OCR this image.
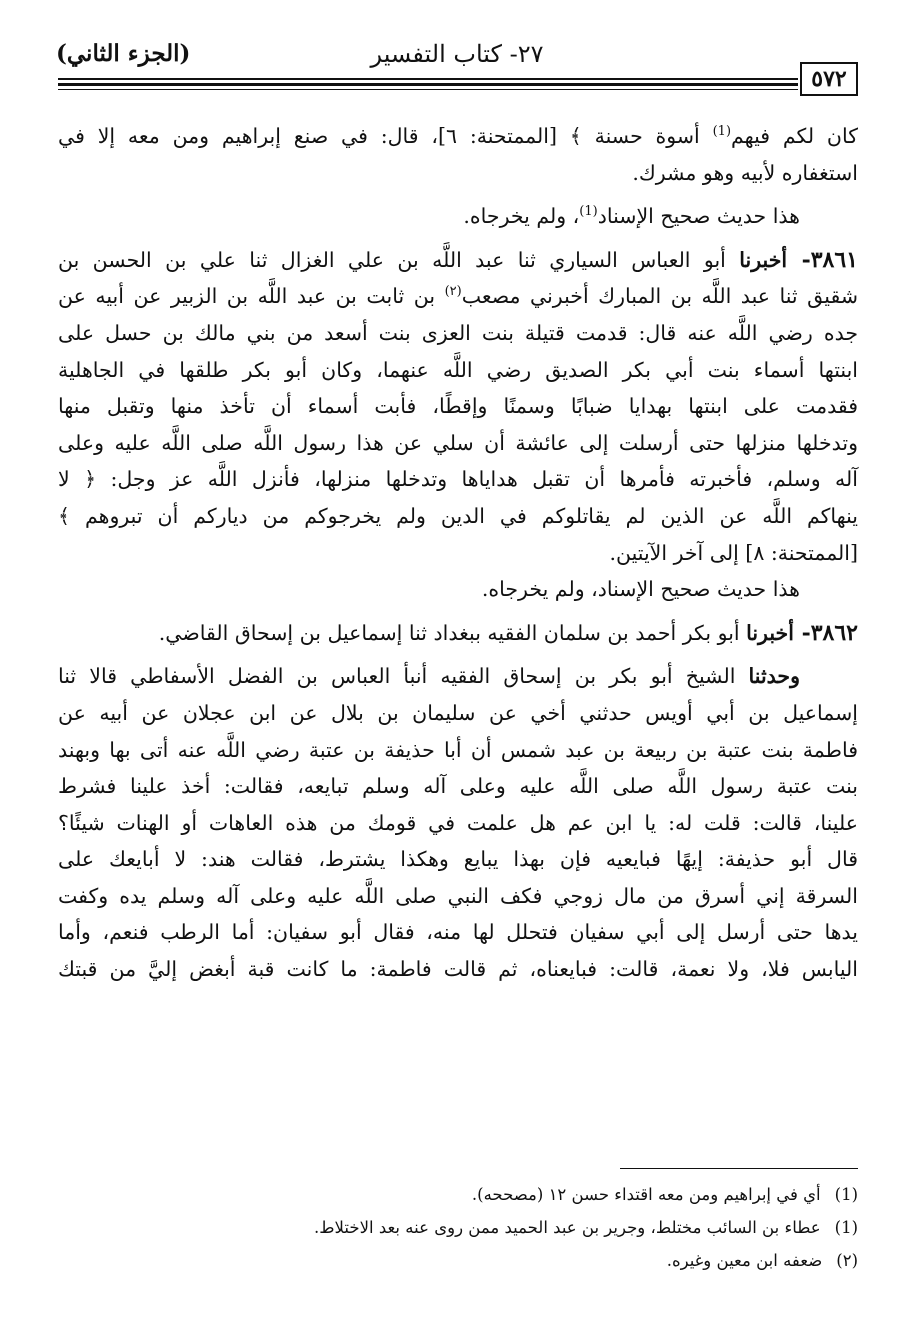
(الجزء الثاني)	٢٧- كتاب التفسير
٥٧٢
كان لكم فيهم$^{(1)}$ أسوة حسنة ﴾ [الممتحنة: ٦]، قال: في صنع إبراهيم ومن معه إلا في
استغفاره لأبيه وهو مشرك.
هذا حديث صحيح الإسناد$^{(1)}$، ولم يخرجاه.
٣٨٦١- أخبرنا أبو العباس السياري ثنا عبد اللَّه بن علي الغزال ثنا علي بن الحسن بن
شقيق ثنا عبد اللَّه بن المبارك أخبرني مصعب$^{(٢)}$ بن ثابت بن عبد اللَّه بن الزبير عن أبيه عن
جده رضي اللَّه عنه قال: قدمت قتيلة بنت العزى بنت أسعد من بني مالك بن حسل على
ابنتها أسماء بنت أبي بكر الصديق رضي اللَّه عنهما، وكان أبو بكر طلقها في الجاهلية
فقدمت على ابنتها بهدايا ضبابًا وسمنًا وإقطًا، فأبت أسماء أن تأخذ منها وتقبل منها
وتدخلها منزلها حتى أرسلت إلى عائشة أن سلي عن هذا رسول اللَّه صلى اللَّه عليه وعلى
آله وسلم، فأخبرته فأمرها أن تقبل هداياها وتدخلها منزلها، فأنزل اللَّه عز وجل: ﴿ لا
ينهاكم اللَّه عن الذين لم يقاتلوكم في الدين ولم يخرجوكم من دياركم أن تبروهم ﴾
[الممتحنة: ٨] إلى آخر الآيتين.
هذا حديث صحيح الإسناد، ولم يخرجاه.
٣٨٦٢- أخبرنا أبو بكر أحمد بن سلمان الفقيه ببغداد ثنا إسماعيل بن إسحاق القاضي.
وحدثنا الشيخ أبو بكر بن إسحاق الفقيه أنبأ العباس بن الفضل الأسفاطي قالا ثنا
إسماعيل بن أبي أويس حدثني أخي عن سليمان بن بلال عن ابن عجلان عن أبيه عن
فاطمة بنت عتبة بن ربيعة بن عبد شمس أن أبا حذيفة بن عتبة رضي اللَّه عنه أتى بها وبهند
بنت عتبة رسول اللَّه صلى اللَّه عليه وعلى آله وسلم تبايعه، فقالت: أخذ علينا فشرط
علينا، قالت: قلت له: يا ابن عم هل علمت في قومك من هذه العاهات أو الهنات شيئًا؟
قال أبو حذيفة: إيهًا فبايعيه فإن بهذا يبايع وهكذا يشترط، فقالت هند: لا أبايعك على
السرقة إني أسرق من مال زوجي فكف النبي صلى اللَّه عليه وعلى آله وسلم يده وكفت
يدها حتى أرسل إلى أبي سفيان فتحلل لها منه، فقال أبو سفيان: أما الرطب فنعم، وأما
اليابس فلا، ولا نعمة، قالت: فبايعناه، ثم قالت فاطمة: ما كانت قبة أبغض إليَّ من قبتك
(1)أي في إبراهيم ومن معه اقتداء حسن ١٢ (مصححه).
(1)عطاء بن السائب مختلط، وجرير بن عبد الحميد ممن روى عنه بعد الاختلاط.
(٢)ضعفه ابن معين وغيره.
